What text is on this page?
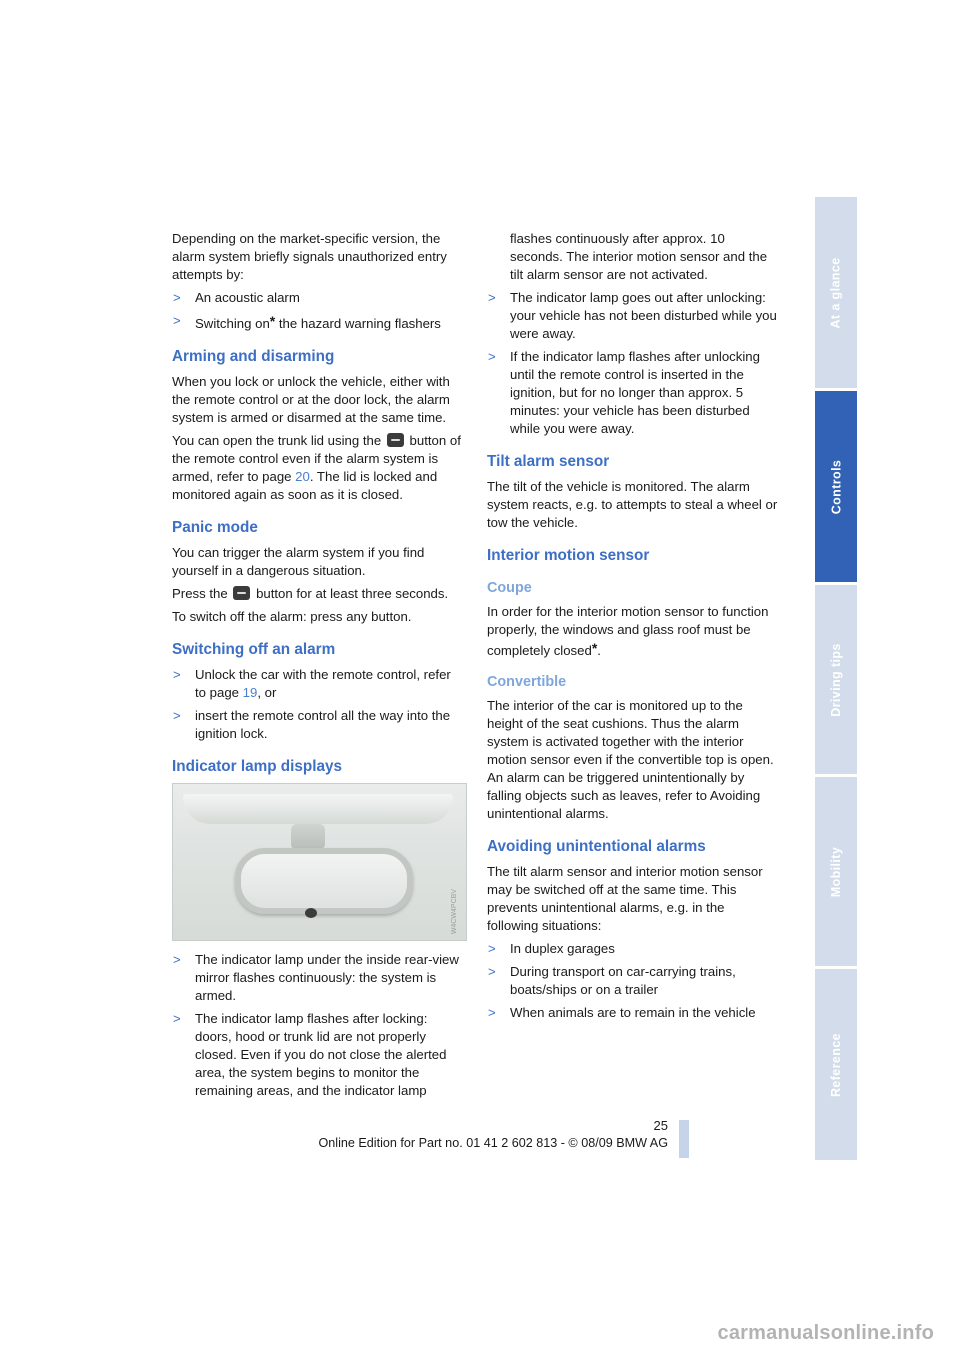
Depending on the market-specific version, the alarm system briefly signals unauthorized entry attempts by:

> An acoustic alarm
> Switching on* the hazard warning flashers
Arming and disarming

When you lock or unlock the vehicle, either with the remote control or at the door lock, the alarm system is armed or disarmed at the same time.

You can open the trunk lid using the button of the remote control even if the alarm system is armed, refer to page 20. The lid is locked and monitored again as soon as it is closed.

Panic mode

You can trigger the alarm system if you find yourself in a dangerous situation.

Press the button for at least three seconds.

To switch off the alarm: press any button.

Switching off an alarm
> Unlock the car with the remote control, refer to page 19, or
> insert the remote control all the way into the ignition lock.
Indicator lamp displays
W4CW4PCBV
> The indicator lamp under the inside rear-view mirror flashes continuously: the system is armed.
> The indicator lamp flashes after locking: doors, hood or trunk lid are not properly closed. Even if you do not close the alerted area, the system begins to monitor the remaining areas, and the indicator lamp
flashes continuously after approx. 10 seconds. The interior motion sensor and the tilt alarm sensor are not activated.
> The indicator lamp goes out after unlocking: your vehicle has not been disturbed while you were away.
> If the indicator lamp flashes after unlocking until the remote control is inserted in the ignition, but for no longer than approx. 5 minutes: your vehicle has been disturbed while you were away.
Tilt alarm sensor

The tilt of the vehicle is monitored. The alarm system reacts, e.g. to attempts to steal a wheel or tow the vehicle.

Interior motion sensor
Coupe

In order for the interior motion sensor to function properly, the windows and glass roof must be completely closed*.

Convertible

The interior of the car is monitored up to the height of the seat cushions. Thus the alarm system is activated together with the interior motion sensor even if the convertible top is open. An alarm can be triggered unintentionally by falling objects such as leaves, refer to Avoiding unintentional alarms.

Avoiding unintentional alarms

The tilt alarm sensor and interior motion sensor may be switched off at the same time. This prevents unintentional alarms, e.g. in the following situations:

> In duplex garages
> During transport on car-carrying trains, boats/ships or on a trailer
> When animals are to remain in the vehicle
At a glance
Controls
Driving tips
Mobility
Reference
25
Online Edition for Part no. 01 41 2 602 813 - © 08/09 BMW AG
carmanualsonline.info
